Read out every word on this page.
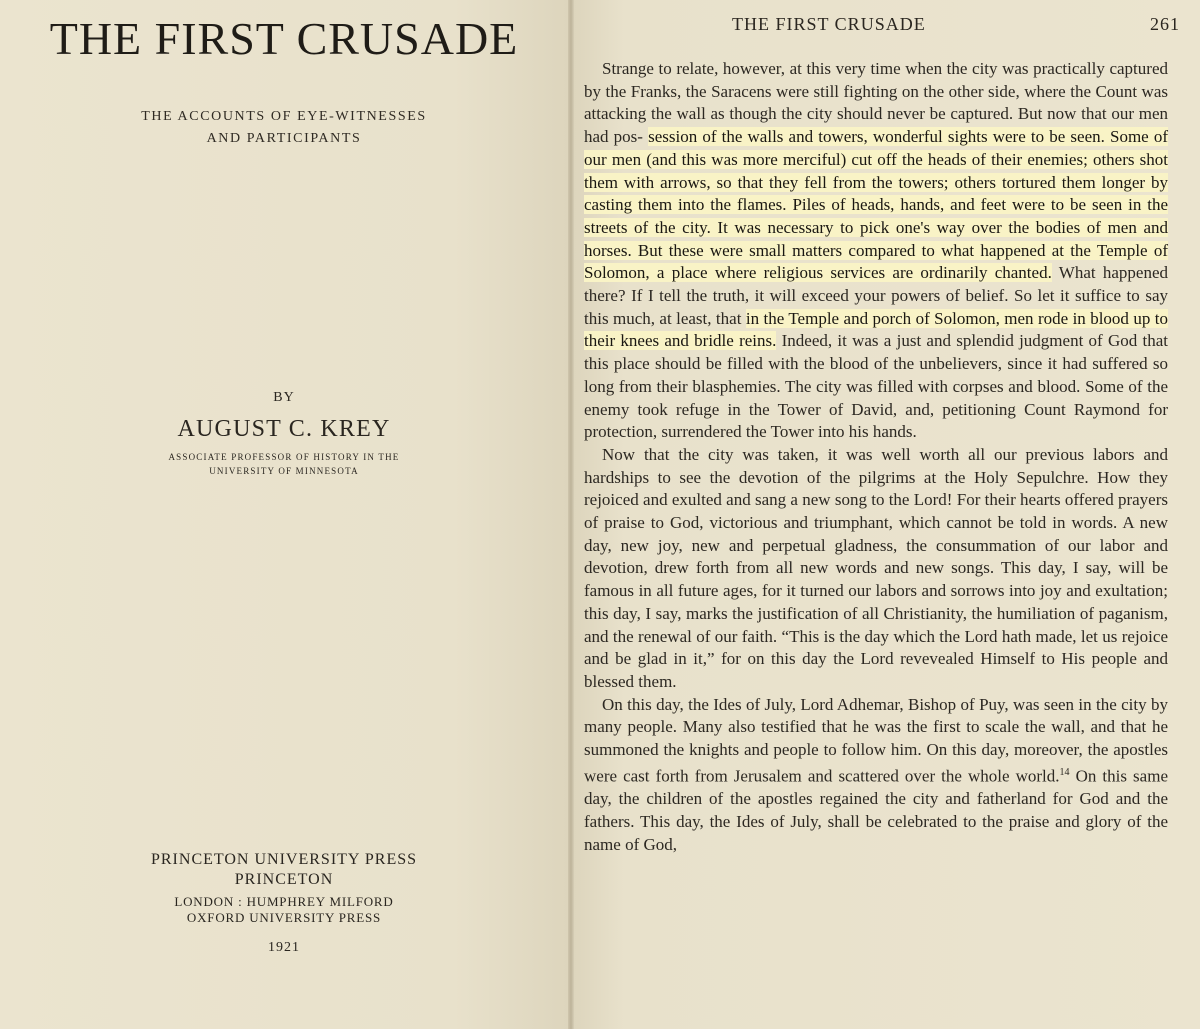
THE FIRST CRUSADE
THE ACCOUNTS OF EYE-WITNESSES
AND PARTICIPANTS
BY
AUGUST C. KREY
ASSOCIATE PROFESSOR OF HISTORY IN THE
UNIVERSITY OF MINNESOTA
PRINCETON UNIVERSITY PRESS
PRINCETON
LONDON : HUMPHREY MILFORD
OXFORD UNIVERSITY PRESS
1921
THE FIRST CRUSADE	261

Strange to relate, however, at this very time when the city was practically captured by the Franks, the Saracens were still fighting on the other side, where the Count was attacking the wall as though the city should never be captured. But now that our men had pos- session of the walls and towers, wonderful sights were to be seen. Some of our men (and this was more merciful) cut off the heads of their enemies; others shot them with arrows, so that they fell from the towers; others tortured them longer by casting them into the flames. Piles of heads, hands, and feet were to be seen in the streets of the city. It was necessary to pick one's way over the bodies of men and horses. But these were small matters compared to what happened at the Temple of Solomon, a place where religious services are ordinarily chanted. What happened there? If I tell the truth, it will exceed your powers of belief. So let it suffice to say this much, at least, that in the Temple and porch of Solomon, men rode in blood up to their knees and bridle reins. Indeed, it was a just and splendid judgment of God that this place should be filled with the blood of the unbelievers, since it had suffered so long from their blasphemies. The city was filled with corpses and blood. Some of the enemy took refuge in the Tower of David, and, petitioning Count Raymond for protection, surrendered the Tower into his hands.

Now that the city was taken, it was well worth all our previous labors and hardships to see the devotion of the pilgrims at the Holy Sepulchre. How they rejoiced and exulted and sang a new song to the Lord! For their hearts offered prayers of praise to God, victorious and triumphant, which cannot be told in words. A new day, new joy, new and perpetual gladness, the consummation of our labor and devotion, drew forth from all new words and new songs. This day, I say, will be famous in all future ages, for it turned our labors and sorrows into joy and exultation; this day, I say, marks the justification of all Christianity, the humiliation of paganism, and the renewal of our faith. “This is the day which the Lord hath made, let us rejoice and be glad in it,” for on this day the Lord revevealed Himself to His people and blessed them.

On this day, the Ides of July, Lord Adhemar, Bishop of Puy, was seen in the city by many people. Many also testified that he was the first to scale the wall, and that he summoned the knights and people to follow him. On this day, moreover, the apostles were cast forth from Jerusalem and scattered over the whole world.$^{14}$ On this same day, the children of the apostles regained the city and fatherland for God and the fathers. This day, the Ides of July, shall be celebrated to the praise and glory of the name of God,
